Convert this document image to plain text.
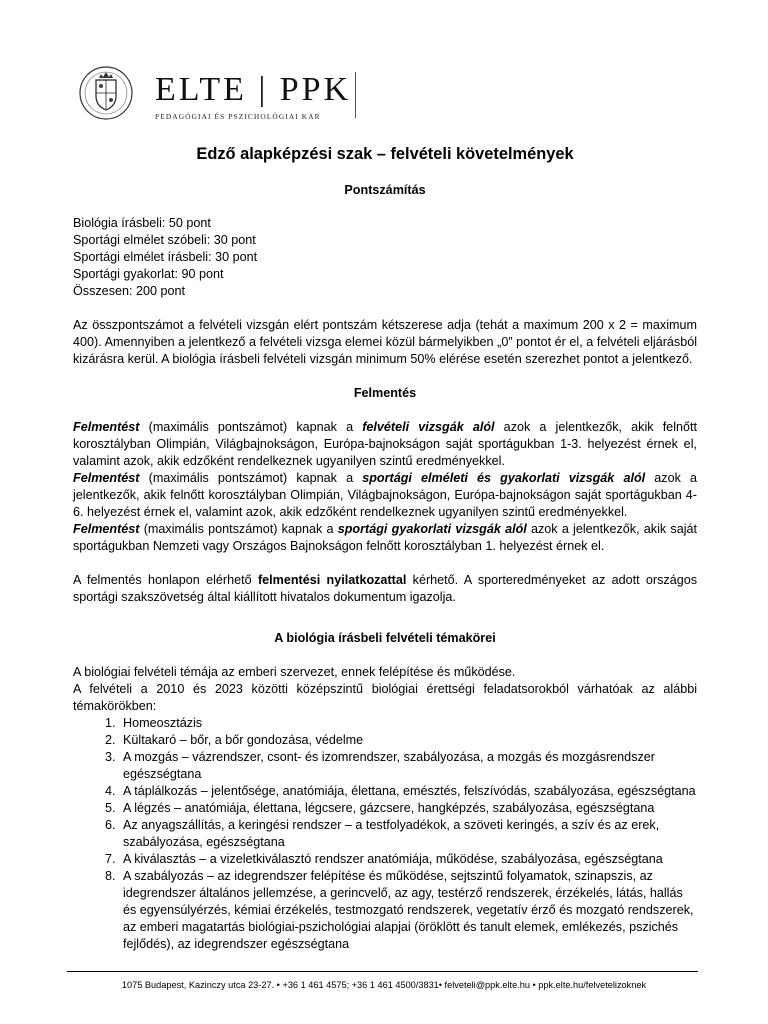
ELTE | PPK
PEDAGÓGIAI ÉS PSZICHOLÓGIAI KAR
Edző alapképzési szak – felvételi követelmények
Pontszámítás
Biológia írásbeli: 50 pont
Sportági elmélet szóbeli: 30 pont
Sportági elmélet írásbeli: 30 pont
Sportági gyakorlat: 90 pont
Összesen: 200 pont

Az összpontszámot a felvételi vizsgán elért pontszám kétszerese adja (tehát a maximum 200 x 2 = maximum 400). Amennyiben a jelentkező a felvételi vizsga elemei közül bármelyikben „0” pontot ér el, a felvételi eljárásból kizárásra kerül. A biológia írásbeli felvételi vizsgán minimum 50% elérése esetén szerezhet pontot a jelentkező.

Felmentés

Felmentést (maximális pontszámot) kapnak a felvételi vizsgák alól azok a jelentkezők, akik felnőtt korosztályban Olimpián, Világbajnokságon, Európa-bajnokságon saját sportágukban 1-3. helyezést érnek el, valamint azok, akik edzőként rendelkeznek ugyanilyen szintű eredményekkel.

Felmentést (maximális pontszámot) kapnak a sportági elméleti és gyakorlati vizsgák alól azok a jelentkezők, akik felnőtt korosztályban Olimpián, Világbajnokságon, Európa-bajnokságon saját sportágukban 4-6. helyezést érnek el, valamint azok, akik edzőként rendelkeznek ugyanilyen szintű eredményekkel.

Felmentést (maximális pontszámot) kapnak a sportági gyakorlati vizsgák alól azok a jelentkezők, akik saját sportágukban Nemzeti vagy Országos Bajnokságon felnőtt korosztályban 1. helyezést érnek el.

A felmentés honlapon elérhető felmentési nyilatkozattal kérhető. A sporteredményeket az adott országos sportági szakszövetség által kiállított hivatalos dokumentum igazolja.

A biológia írásbeli felvételi témakörei

A biológiai felvételi témája az emberi szervezet, ennek felépítése és működése.

A felvételi a 2010 és 2023 közötti középszintű biológiai érettségi feladatsorokból várhatóak az alábbi témakörökben:

1. Homeosztázis
2. Kültakaró – bőr, a bőr gondozása, védelme
3. A mozgás – vázrendszer, csont- és izomrendszer, szabályozása, a mozgás és mozgásrendszer egészségtana
4. A táplálkozás – jelentősége, anatómiája, élettana, emésztés, felszívódás, szabályozása, egészségtana
5. A légzés – anatómiája, élettana, légcsere, gázcsere, hangképzés, szabályozása, egészségtana
6. Az anyagszállítás, a keringési rendszer – a testfolyadékok, a szöveti keringés, a szív és az erek, szabályozása, egészségtana
7. A kiválasztás – a vizeletkiválasztó rendszer anatómiája, működése, szabályozása, egészségtana
8. A szabályozás – az idegrendszer felépítése és működése, sejtszintű folyamatok, szinapszis, az idegrendszer általános jellemzése, a gerincvelő, az agy, testérző rendszerek, érzékelés, látás, hallás és egyensúlyérzés, kémiai érzékelés, testmozgató rendszerek, vegetatív érző és mozgató rendszerek, az emberi magatartás biológiai-pszichológiai alapjai (öröklött és tanult elemek, emlékezés, pszichés fejlődés), az idegrendszer egészségtana
1075 Budapest, Kazinczy utca 23-27. • +36 1 461 4575; +36 1 461 4500/3831• felveteli@ppk.elte.hu • ppk.elte.hu/felvetelizoknek
